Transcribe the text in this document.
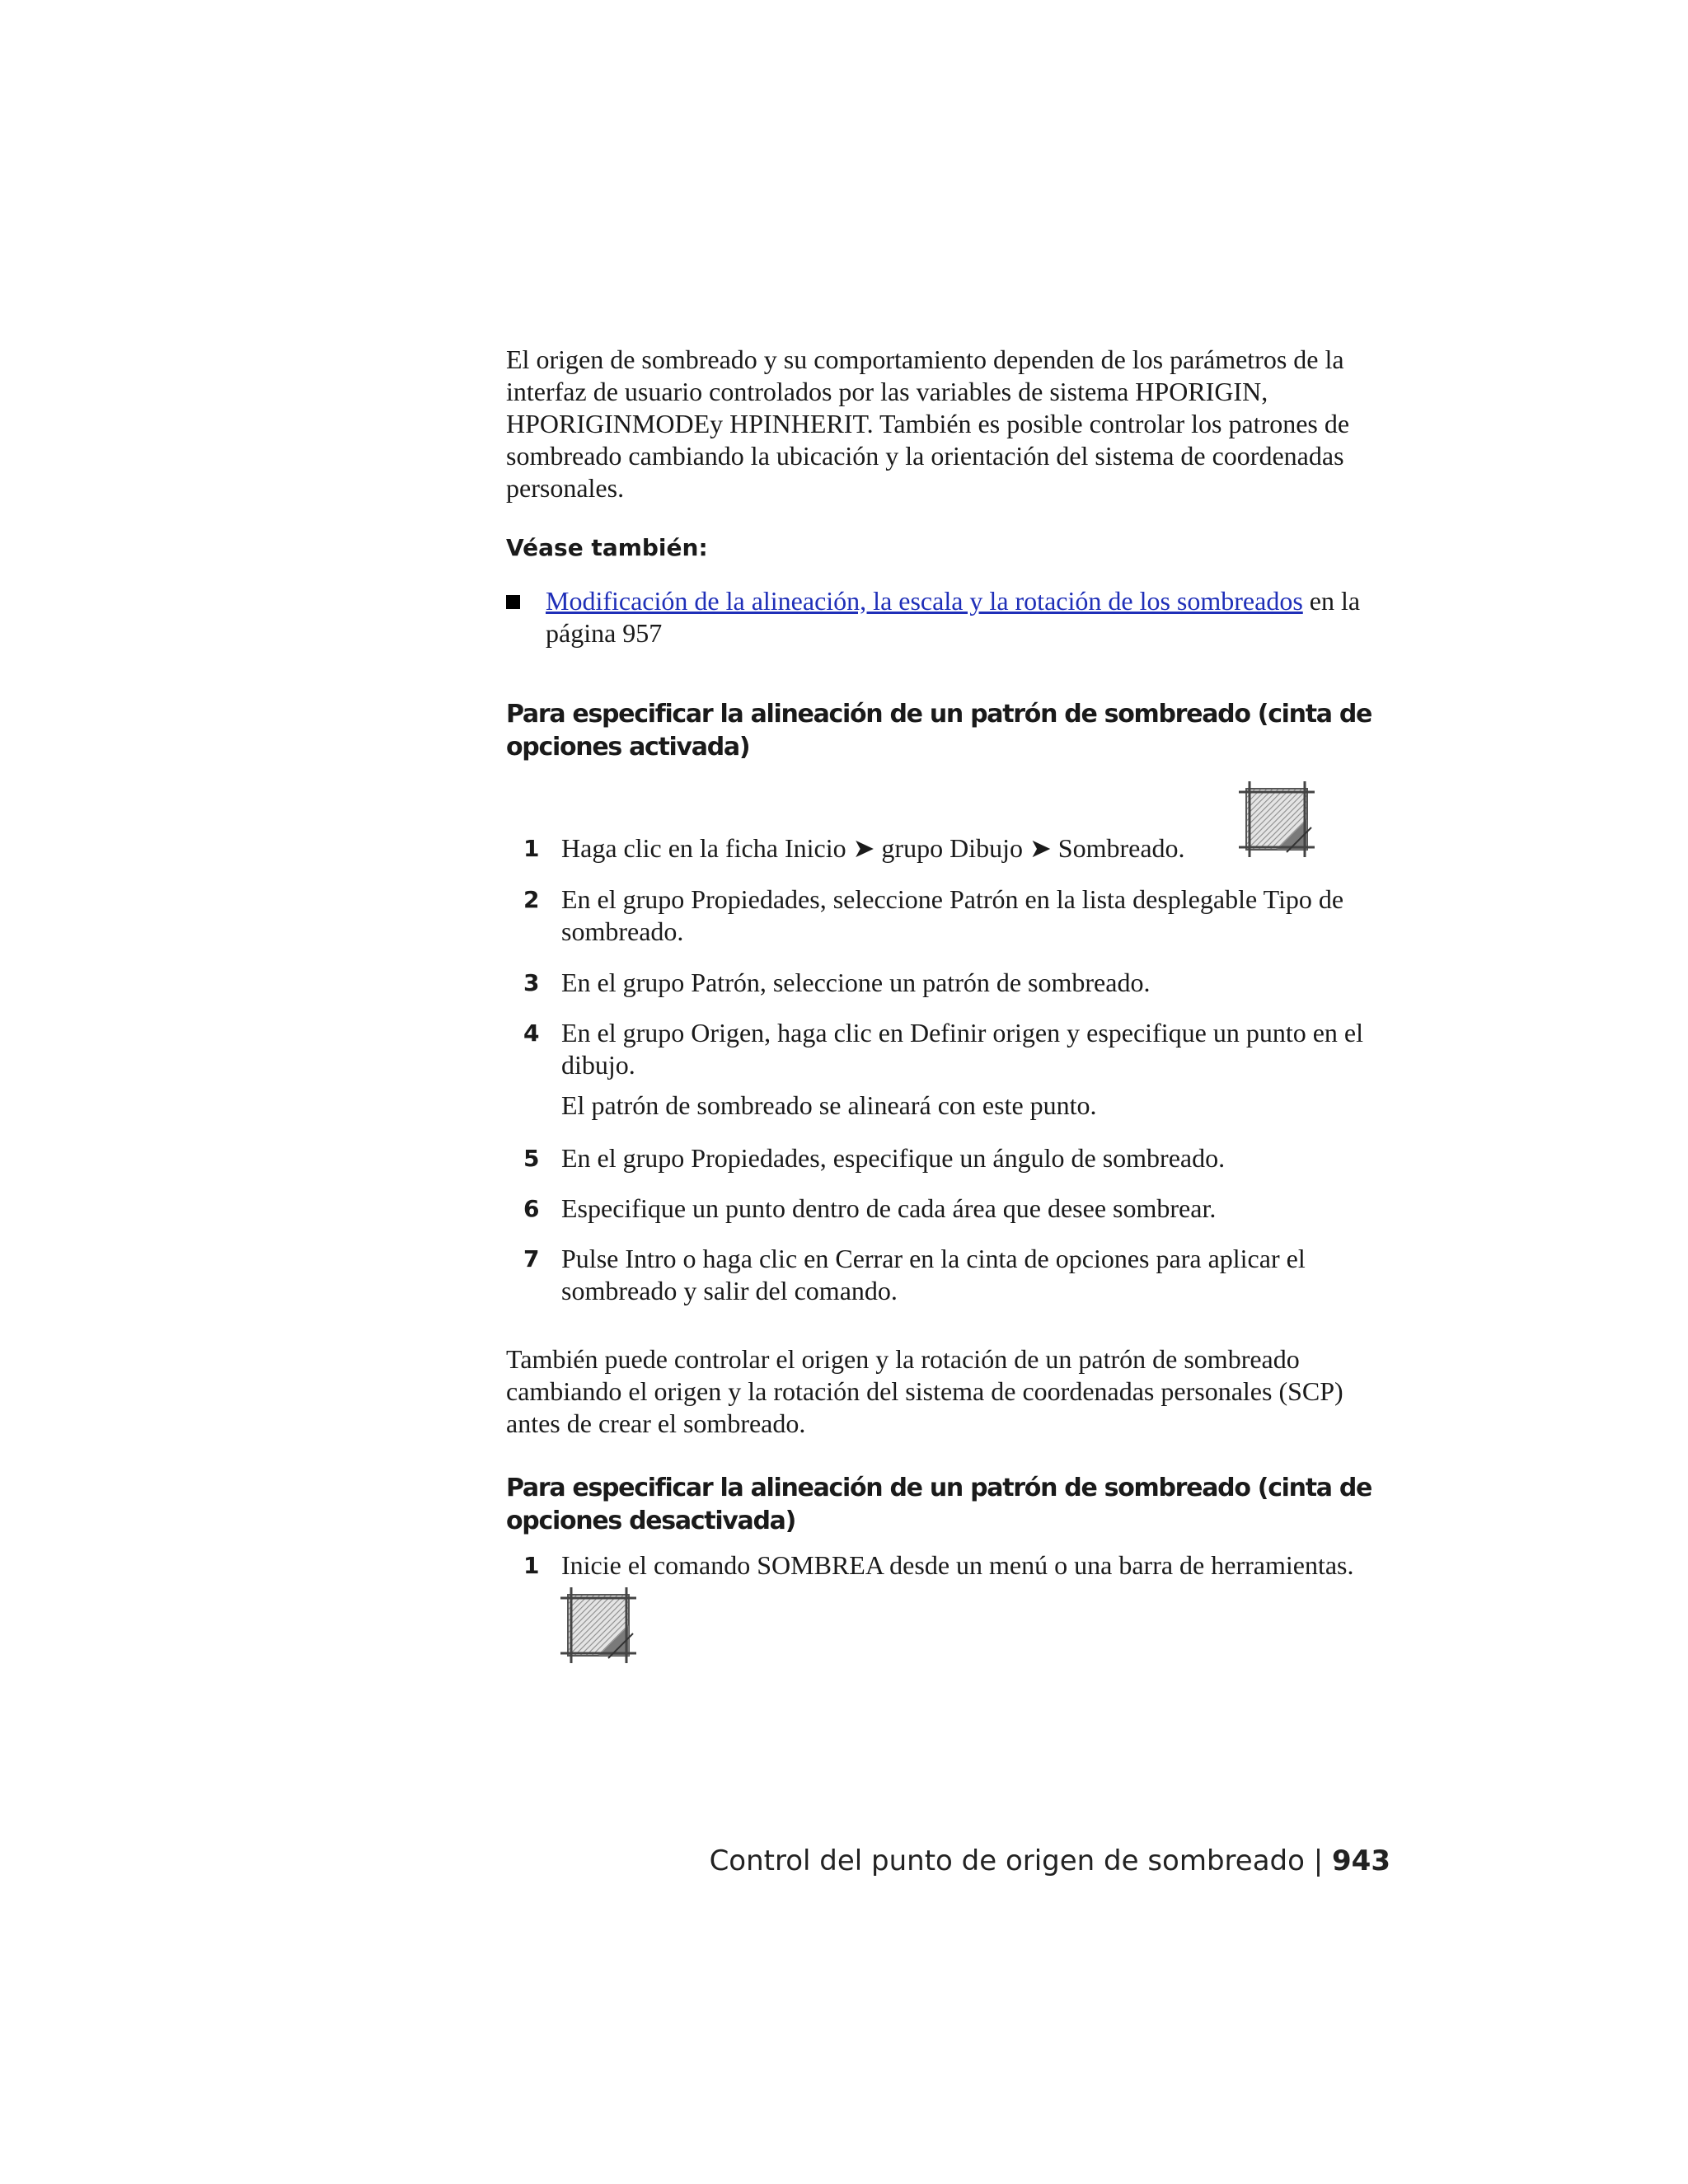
El origen de sombreado y su comportamiento dependen de los parámetros de la interfaz de usuario controlados por las variables de sistema HPORIGIN, HPORIGINMODEy HPINHERIT. También es posible controlar los patrones de sombreado cambiando la ubicación y la orientación del sistema de coordenadas personales.

Véase también:

Modificación de la alineación, la escala y la rotación de los sombreados en la página 957

Para especificar la alineación de un patrón de sombreado (cinta de opciones activada)
1 Haga clic en la ficha Inicio ➤ grupo Dibujo ➤ Sombreado.

2 En el grupo Propiedades, seleccione Patrón en la lista desplegable Tipo de sombreado.

3 En el grupo Patrón, seleccione un patrón de sombreado.

4 En el grupo Origen, haga clic en Definir origen y especifique un punto en el dibujo.

El patrón de sombreado se alineará con este punto.

5 En el grupo Propiedades, especifique un ángulo de sombreado.

6 Especifique un punto dentro de cada área que desee sombrear.

7 Pulse Intro o haga clic en Cerrar en la cinta de opciones para aplicar el sombreado y salir del comando.

También puede controlar el origen y la rotación de un patrón de sombreado cambiando el origen y la rotación del sistema de coordenadas personales (SCP) antes de crear el sombreado.

Para especificar la alineación de un patrón de sombreado (cinta de opciones desactivada)
1 Inicie el comando SOMBREA desde un menú o una barra de herramientas.

Control del punto de origen de sombreado | 943
